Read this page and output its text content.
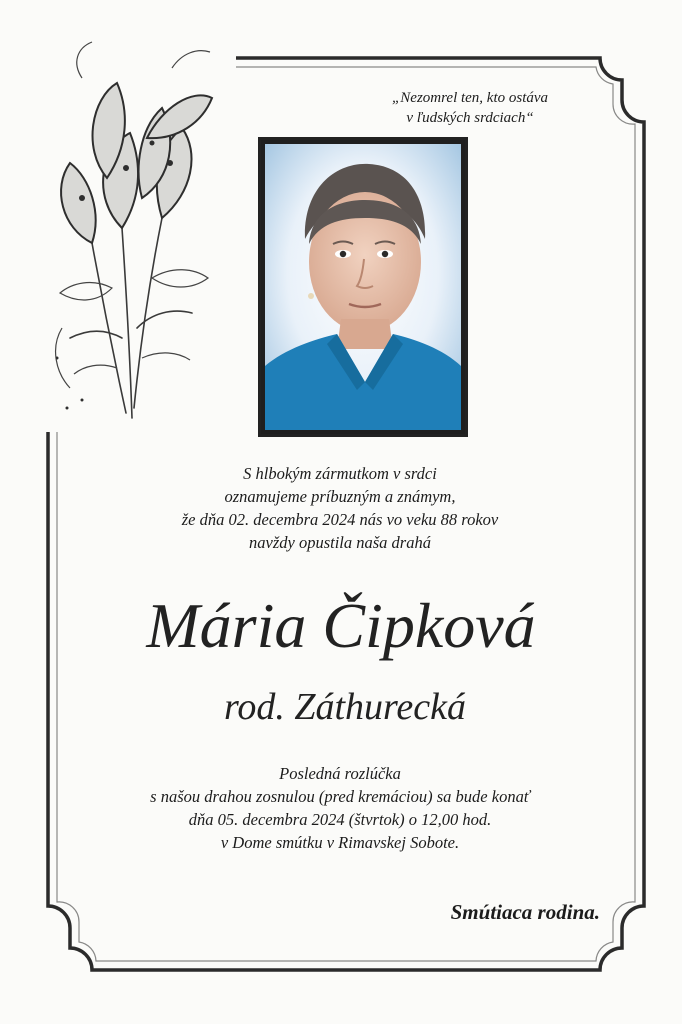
„Nezomrel ten, kto ostáva
v ľudských srdciach“
S hlbokým zármutkom v srdci
oznamujeme príbuzným a známym,
že dňa 02. decembra 2024 nás vo veku 88 rokov
navždy opustila naša drahá
Mária Čipková
rod. Záthurecká
Posledná rozlúčka
s našou drahou zosnulou (pred kremáciou) sa bude konať
dňa 05. decembra 2024 (štvrtok) o 12,00 hod.
v Dome smútku v Rimavskej Sobote.
Smútiaca rodina.
